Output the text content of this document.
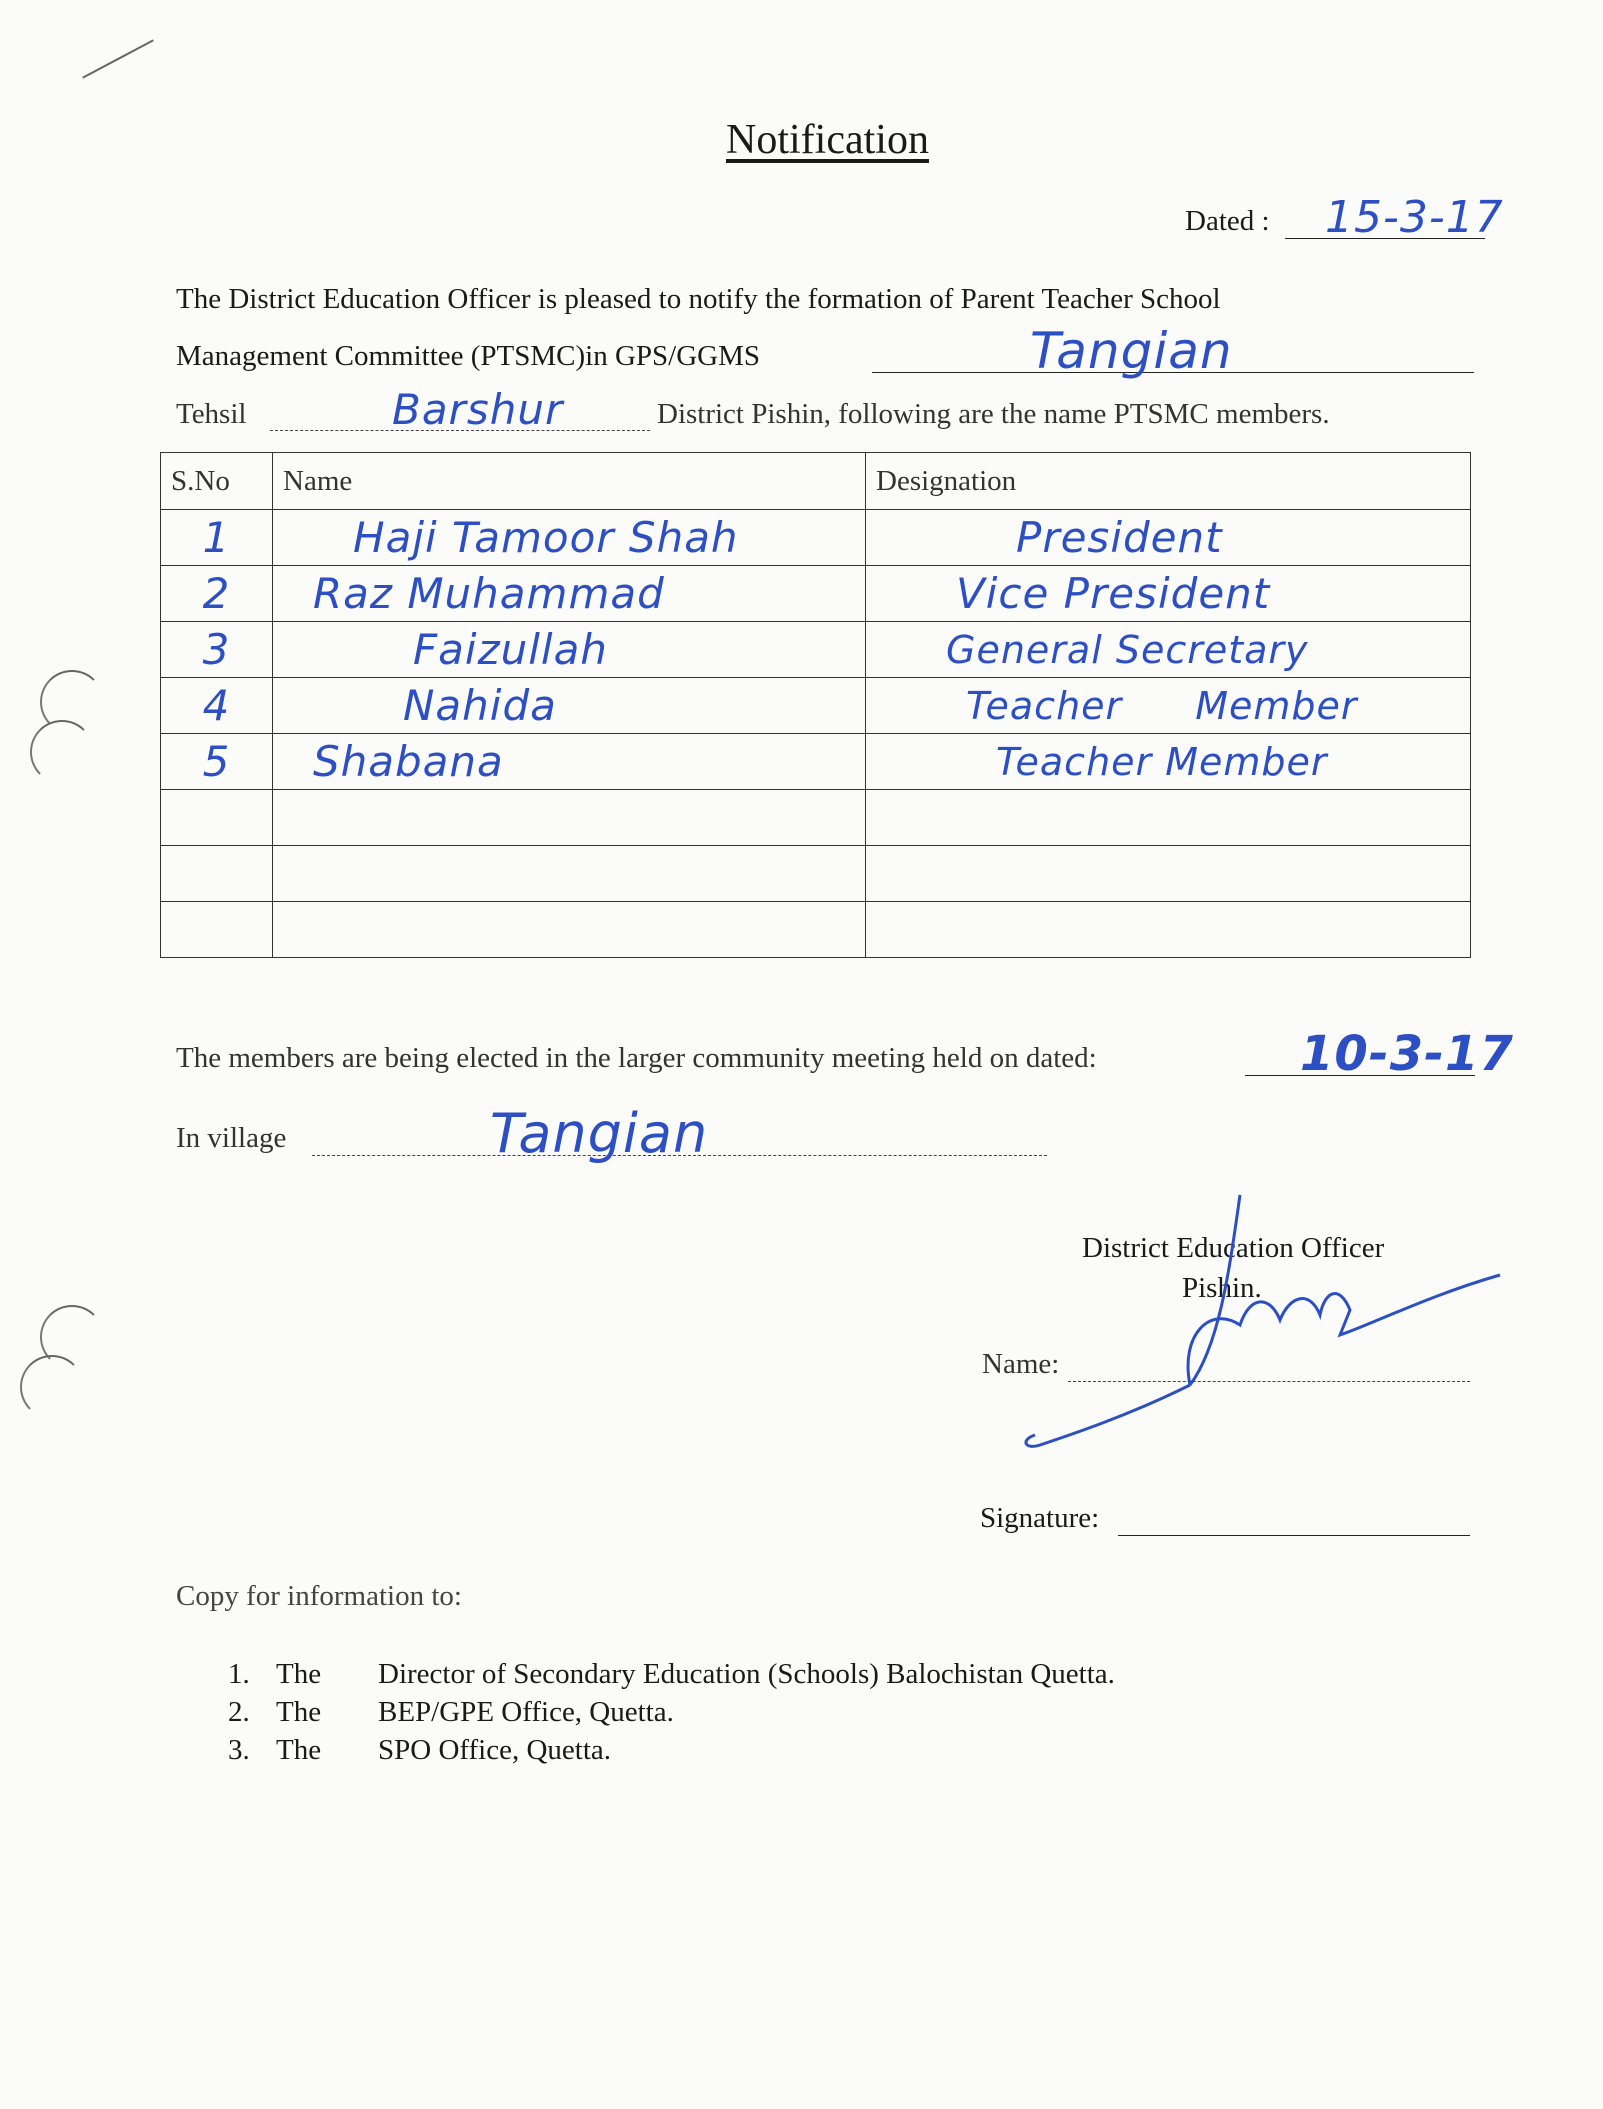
Notification
Dated : 15-3-17
The District Education Officer is pleased to notify the formation of Parent Teacher School
Management Committee (PTSMC)in GPS/GGMS	Tangian
Tehsil	Barshur	District Pishin, following are the name PTSMC members.
S.No	Name	Designation
1	Haji Tamoor Shah	President
2	Raz Muhammad	Vice President
3	Faizullah	General Secretary
4	Nahida	Teacher Member
5	Shabana	Teacher Member

The members are being elected in the larger community meeting held on dated:	10-3-17
In village	Tangian
District Education Officer
Pishin.
Name:
Signature:
Copy for information to:
1. The Director of Secondary Education (Schools) Balochistan Quetta.
2. The BEP/GPE Office, Quetta.
3. The SPO Office, Quetta.
